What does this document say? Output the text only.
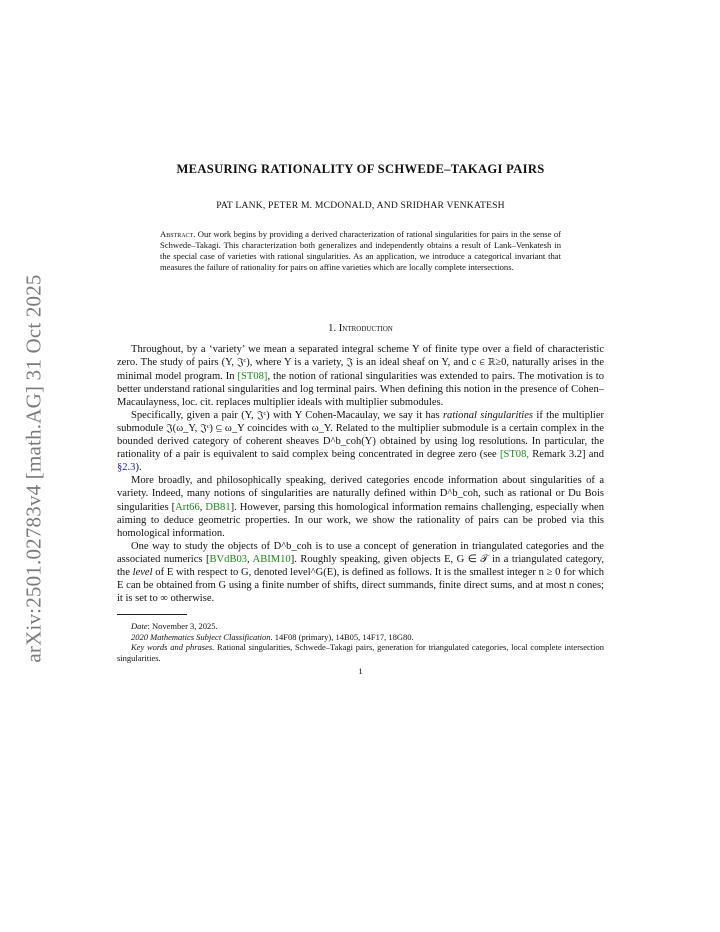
arXiv:2501.02783v4 [math.AG] 31 Oct 2025
MEASURING RATIONALITY OF SCHWEDE–TAKAGI PAIRS
PAT LANK, PETER M. MCDONALD, AND SRIDHAR VENKATESH
Abstract. Our work begins by providing a derived characterization of rational singularities for pairs in the sense of Schwede–Takagi. This characterization both generalizes and independently obtains a result of Lank–Venkatesh in the special case of varieties with rational singularities. As an application, we introduce a categorical invariant that measures the failure of rationality for pairs on affine varieties which are locally complete intersections.
1. Introduction

Throughout, by a ‘variety’ we mean a separated integral scheme Y of finite type over a field of characteristic zero. The study of pairs (Y, 𝔍ᶜ), where Y is a variety, 𝔍 is an ideal sheaf on Y, and c ∈ ℝ≥0, naturally arises in the minimal model program. In [ST08], the notion of rational singularities was extended to pairs. The motivation is to better understand rational singularities and log terminal pairs. When defining this notion in the presence of Cohen–Macaulayness, loc. cit. replaces multiplier ideals with multiplier submodules.

Specifically, given a pair (Y, 𝔍ᶜ) with Y Cohen-Macaulay, we say it has rational singularities if the multiplier submodule 𝔍(ω_Y, 𝔍ᶜ) ⊆ ω_Y coincides with ω_Y. Related to the multiplier submodule is a certain complex in the bounded derived category of coherent sheaves D^b_coh(Y) obtained by using log resolutions. In particular, the rationality of a pair is equivalent to said complex being concentrated in degree zero (see [ST08, Remark 3.2] and §2.3).

More broadly, and philosophically speaking, derived categories encode information about singularities of a variety. Indeed, many notions of singularities are naturally defined within D^b_coh, such as rational or Du Bois singularities [Art66, DB81]. However, parsing this homological information remains challenging, especially when aiming to deduce geometric properties. In our work, we show the rationality of pairs can be probed via this homological information.

One way to study the objects of D^b_coh is to use a concept of generation in triangulated categories and the associated numerics [BVdB03, ABIM10]. Roughly speaking, given objects E, G ∈ 𝒯 in a triangulated category, the level of E with respect to G, denoted level^G(E), is defined as follows. It is the smallest integer n ≥ 0 for which E can be obtained from G using a finite number of shifts, direct summands, finite direct sums, and at most n cones; it is set to ∞ otherwise.

Date: November 3, 2025.

2020 Mathematics Subject Classification. 14F08 (primary), 14B05, 14F17, 18G80.

Key words and phrases. Rational singularities, Schwede–Takagi pairs, generation for triangulated categories, local complete intersection singularities.

1
